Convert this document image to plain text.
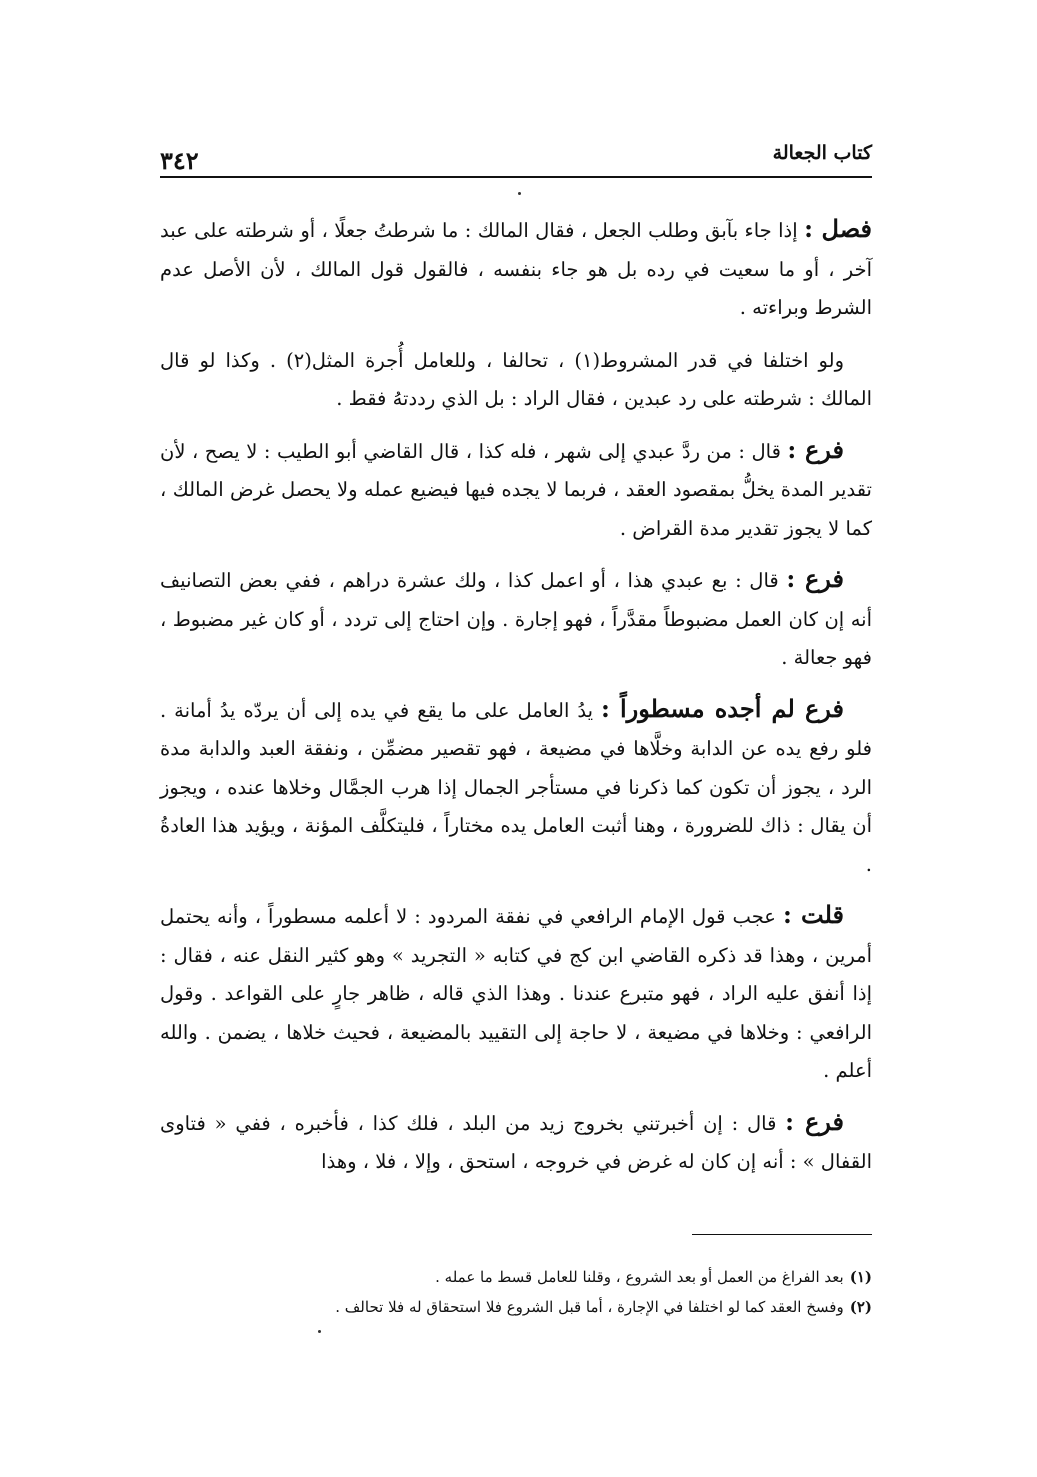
كتاب الجعالة
٣٤٢

فصل : إذا جاء بآبق وطلب الجعل ، فقال المالك : ما شرطتُ جعلًا ، أو شرطته على عبد آخر ، أو ما سعيت في رده بل هو جاء بنفسه ، فالقول قول المالك ، لأن الأصل عدم الشرط وبراءته .

ولو اختلفا في قدر المشروط(١) ، تحالفا ، وللعامل أُجرة المثل(٢) . وكذا لو قال المالك : شرطته على رد عبدين ، فقال الراد : بل الذي رددتهُ فقط .

فرع : قال : من ردَّ عبدي إلى شهر ، فله كذا ، قال القاضي أبو الطيب : لا يصح ، لأن تقدير المدة يخلُّ بمقصود العقد ، فربما لا يجده فيها فيضيع عمله ولا يحصل غرض المالك ، كما لا يجوز تقدير مدة القراض .

فرع : قال : بع عبدي هذا ، أو اعمل كذا ، ولك عشرة دراهم ، ففي بعض التصانيف أنه إن كان العمل مضبوطاً مقدَّراً ، فهو إجارة . وإن احتاج إلى تردد ، أو كان غير مضبوط ، فهو جعالة .

فرع لم أجده مسطوراً : يدُ العامل على ما يقع في يده إلى أن يردّه يدُ أمانة . فلو رفع يده عن الدابة وخلَّاها في مضيعة ، فهو تقصير مضمِّن ، ونفقة العبد والدابة مدة الرد ، يجوز أن تكون كما ذكرنا في مستأجر الجمال إذا هرب الجمَّال وخلاها عنده ، ويجوز أن يقال : ذاك للضرورة ، وهنا أثبت العامل يده مختاراً ، فليتكلَّف المؤنة ، ويؤيد هذا العادةُ .

قلت : عجب قول الإمام الرافعي في نفقة المردود : لا أعلمه مسطوراً ، وأنه يحتمل أمرين ، وهذا قد ذكره القاضي ابن كج في كتابه « التجريد » وهو كثير النقل عنه ، فقال : إذا أنفق عليه الراد ، فهو متبرع عندنا . وهذا الذي قاله ، ظاهر جارٍ على القواعد . وقول الرافعي : وخلاها في مضيعة ، لا حاجة إلى التقييد بالمضيعة ، فحيث خلاها ، يضمن . والله أعلم .

فرع : قال : إن أخبرتني بخروج زيد من البلد ، فلك كذا ، فأخبره ، ففي « فتاوى القفال » : أنه إن كان له غرض في خروجه ، استحق ، وإلا ، فلا ، وهذا

(١)بعد الفراغ من العمل أو بعد الشروع ، وقلنا للعامل قسط ما عمله .
(٢)وفسخ العقد كما لو اختلفا في الإجارة ، أما قبل الشروع فلا استحقاق له فلا تحالف .
